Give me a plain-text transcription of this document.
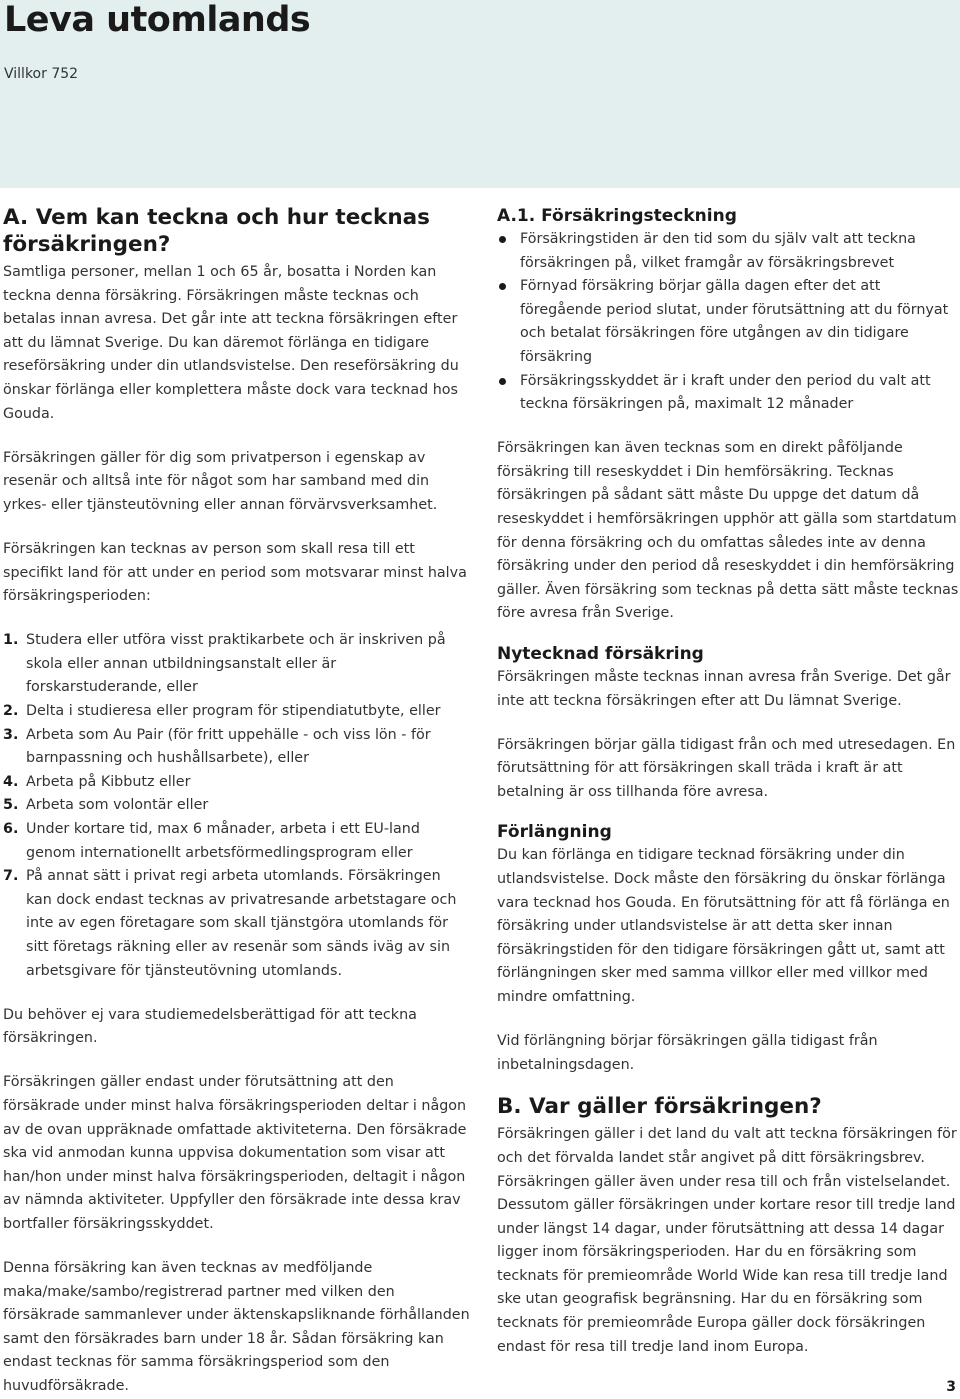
Leva utomlands
Villkor 752
A. Vem kan teckna och hur tecknas försäkringen?

Samtliga personer, mellan 1 och 65 år, bosatta i Norden kan teckna denna försäkring. Försäkringen måste tecknas och betalas innan avresa. Det går inte att teckna försäkringen efter att du lämnat Sverige. Du kan däremot förlänga en tidigare reseförsäkring under din utlandsvistelse. Den reseförsäkring du önskar förlänga eller komplettera måste dock vara tecknad hos Gouda.

Försäkringen gäller för dig som privatperson i egenskap av resenär och alltså inte för något som har samband med din yrkes- eller tjänsteutövning eller annan förvärvsverksamhet.

Försäkringen kan tecknas av person som skall resa till ett specifikt land för att under en period som motsvarar minst halva försäkringsperioden:

1. Studera eller utföra visst praktikarbete och är inskriven på skola eller annan utbildningsanstalt eller är forskarstuderande, eller
2. Delta i studieresa eller program för stipendiatutbyte, eller
3. Arbeta som Au Pair (för fritt uppehälle - och viss lön - för barnpassning och hushållsarbete), eller
4. Arbeta på Kibbutz eller
5. Arbeta som volontär eller
6. Under kortare tid, max 6 månader, arbeta i ett EU-land genom internationellt arbetsförmedlingsprogram eller
7. På annat sätt i privat regi arbeta utomlands. Försäkringen kan dock endast tecknas av privatresande arbetstagare och inte av egen företagare som skall tjänstgöra utomlands för sitt företags räkning eller av resenär som sänds iväg av sin arbetsgivare för tjänsteutövning utomlands.

Du behöver ej vara studiemedelsberättigad för att teckna försäkringen.

Försäkringen gäller endast under förutsättning att den försäkrade under minst halva försäkringsperioden deltar i någon av de ovan uppräknade omfattade aktiviteterna. Den försäkrade ska vid anmodan kunna uppvisa dokumentation som visar att han/hon under minst halva försäkringsperioden, deltagit i någon av nämnda aktiviteter. Uppfyller den försäkrade inte dessa krav bortfaller försäkringsskyddet.

Denna försäkring kan även tecknas av medföljande maka/make/sambo/registrerad partner med vilken den försäkrade sammanlever under äktenskapsliknande förhållanden samt den försäkrades barn under 18 år. Sådan försäkring kan endast tecknas för samma försäkringsperiod som den huvudförsäkrade.

A.1. Försäkringsteckning
Försäkringstiden är den tid som du själv valt att teckna försäkringen på, vilket framgår av försäkringsbrevet
Förnyad försäkring börjar gälla dagen efter det att föregående period slutat, under förutsättning att du förnyat och betalat försäkringen före utgången av din tidigare försäkring
Försäkringsskyddet är i kraft under den period du valt att teckna försäkringen på, maximalt 12 månader

Försäkringen kan även tecknas som en direkt påföljande försäkring till reseskyddet i Din hemförsäkring. Tecknas försäkringen på sådant sätt måste Du uppge det datum då reseskyddet i hemförsäkringen upphör att gälla som startdatum för denna försäkring och du omfattas således inte av denna försäkring under den period då reseskyddet i din hemförsäkring gäller. Även försäkring som tecknas på detta sätt måste tecknas före avresa från Sverige.

Nytecknad försäkring

Försäkringen måste tecknas innan avresa från Sverige. Det går inte att teckna försäkringen efter att Du lämnat Sverige.

Försäkringen börjar gälla tidigast från och med utresedagen. En förutsättning för att försäkringen skall träda i kraft är att betalning är oss tillhanda före avresa.

Förlängning

Du kan förlänga en tidigare tecknad försäkring under din utlandsvistelse. Dock måste den försäkring du önskar förlänga vara tecknad hos Gouda. En förutsättning för att få förlänga en försäkring under utlandsvistelse är att detta sker innan försäkringstiden för den tidigare försäkringen gått ut, samt att förlängningen sker med samma villkor eller med villkor med mindre omfattning.

Vid förlängning börjar försäkringen gälla tidigast från inbetalningsdagen.

B. Var gäller försäkringen?

Försäkringen gäller i det land du valt att teckna försäkringen för och det förvalda landet står angivet på ditt försäkringsbrev. Försäkringen gäller även under resa till och från vistelselandet. Dessutom gäller försäkringen under kortare resor till tredje land under längst 14 dagar, under förutsättning att dessa 14 dagar ligger inom försäkringsperioden. Har du en försäkring som tecknats för premieområde World Wide kan resa till tredje land ske utan geografisk begränsning. Har du en försäkring som tecknats för premieområde Europa gäller dock försäkringen endast för resa till tredje land inom Europa.

3
